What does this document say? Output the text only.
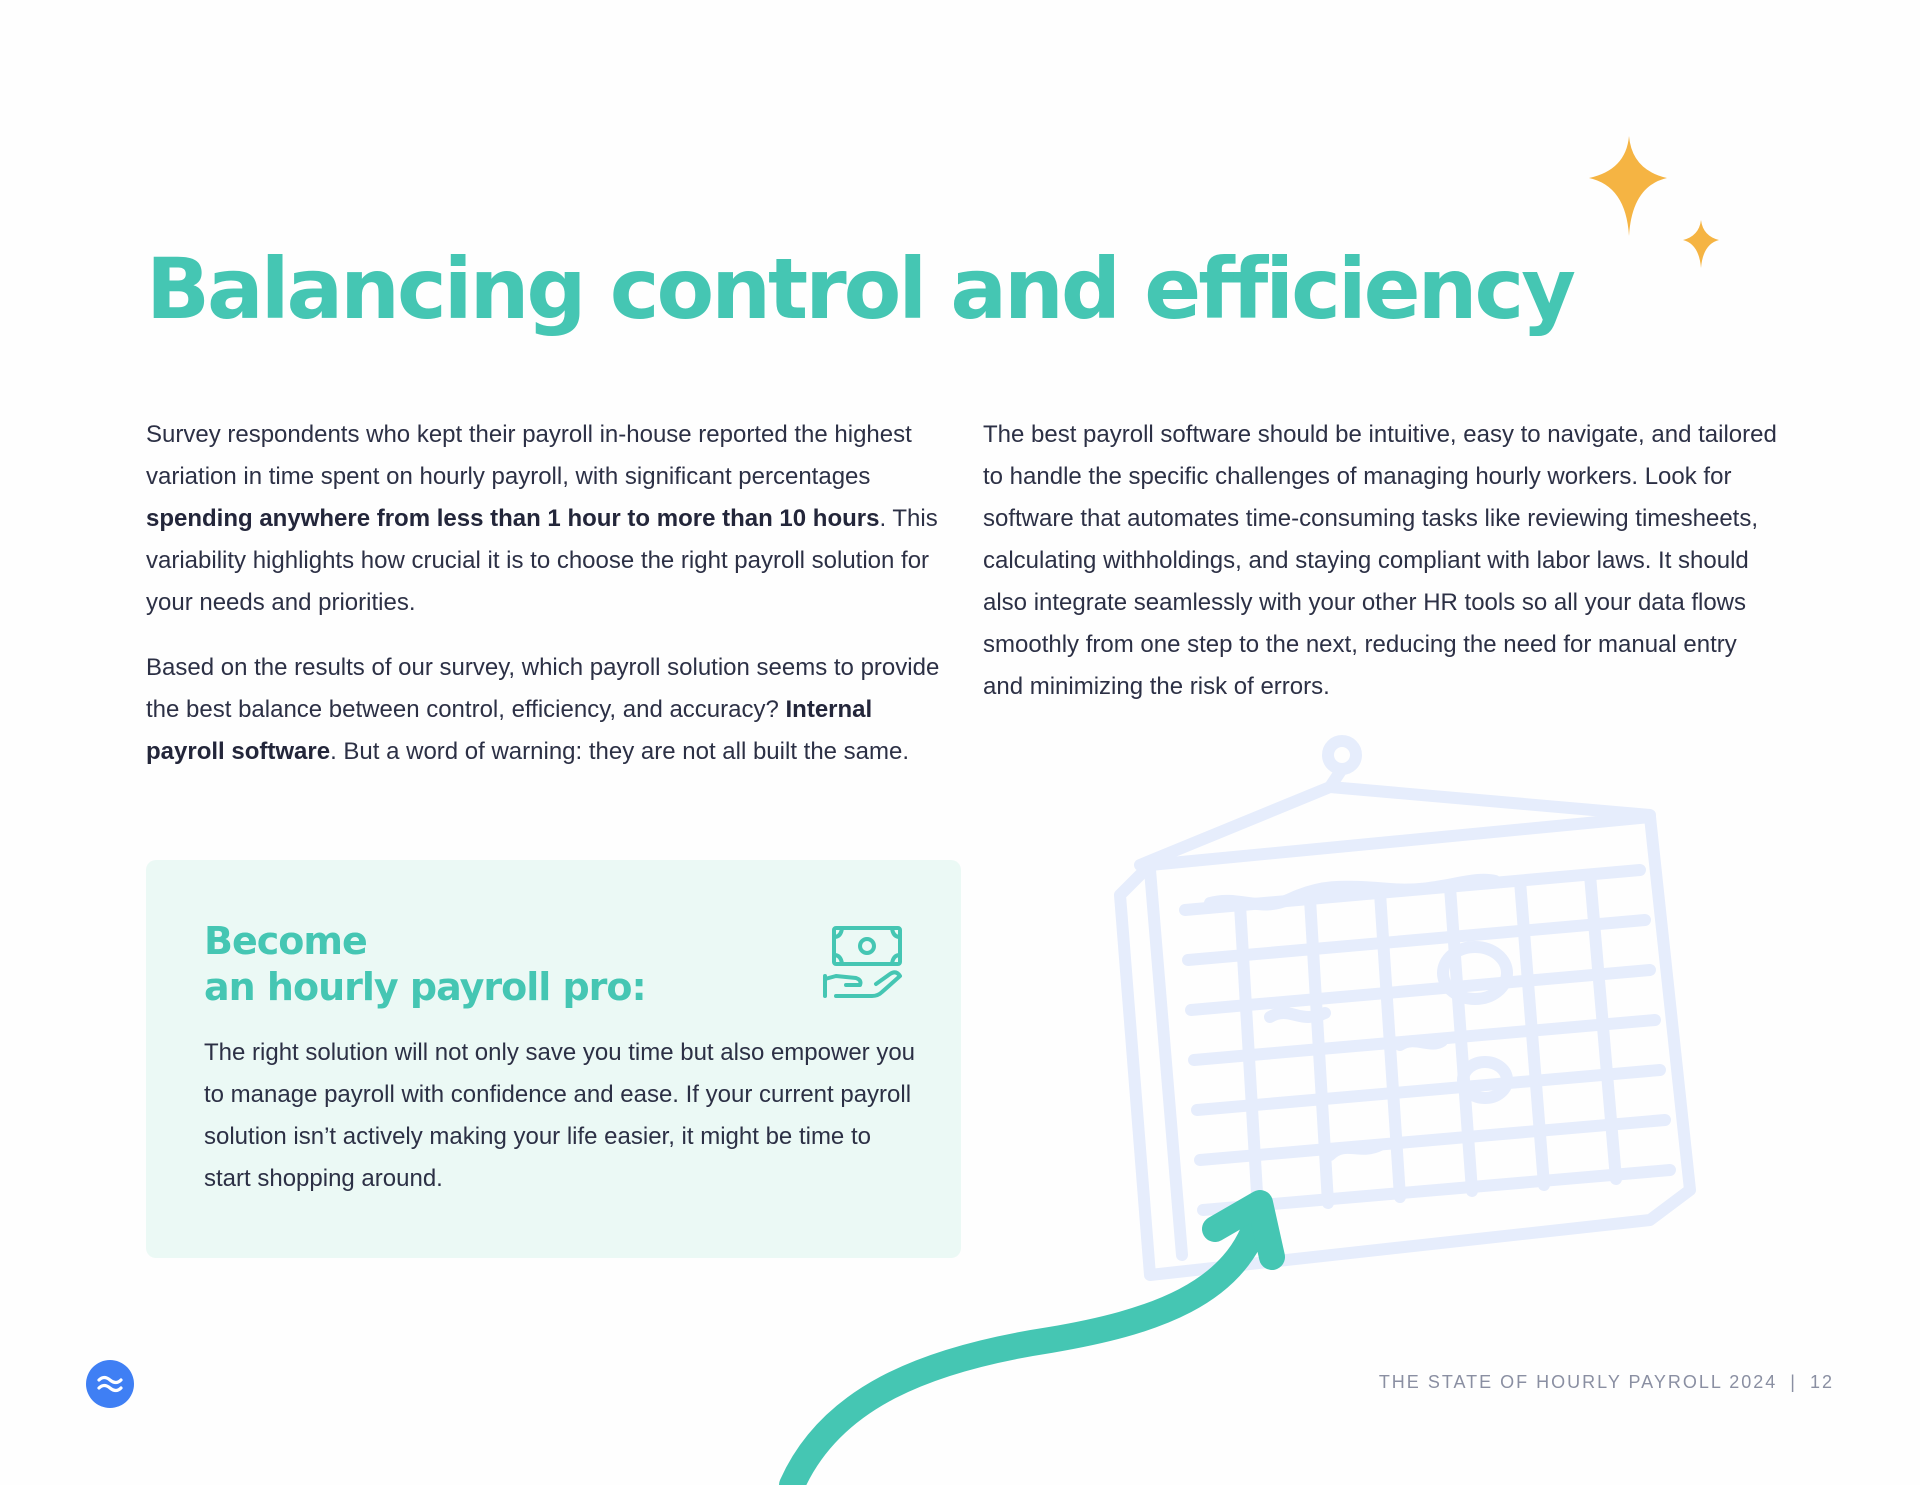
Balancing control and efficiency

Survey respondents who kept their payroll in-house reported the highest variation in time spent on hourly payroll, with significant percentages spending anywhere from less than 1 hour to more than 10 hours. This variability highlights how crucial it is to choose the right payroll solution for your needs and priorities.

Based on the results of our survey, which payroll solution seems to provide the best balance between control, efficiency, and accuracy? Internal payroll software. But a word of warning: they are not all built the same.

The best payroll software should be intuitive, easy to navigate, and tailored to handle the specific challenges of managing hourly workers. Look for software that automates time-consuming tasks like reviewing timesheets, calculating withholdings, and staying compliant with labor laws. It should also integrate seamlessly with your other HR tools so all your data flows smoothly from one step to the next, reducing the need for manual entry and minimizing the risk of errors.

Become
an hourly payroll pro:

The right solution will not only save you time but also empower you to manage payroll with confidence and ease. If your current payroll solution isn’t actively making your life easier, it might be time to start shopping around.

THE STATE OF HOURLY PAYROLL 2024 | 12
